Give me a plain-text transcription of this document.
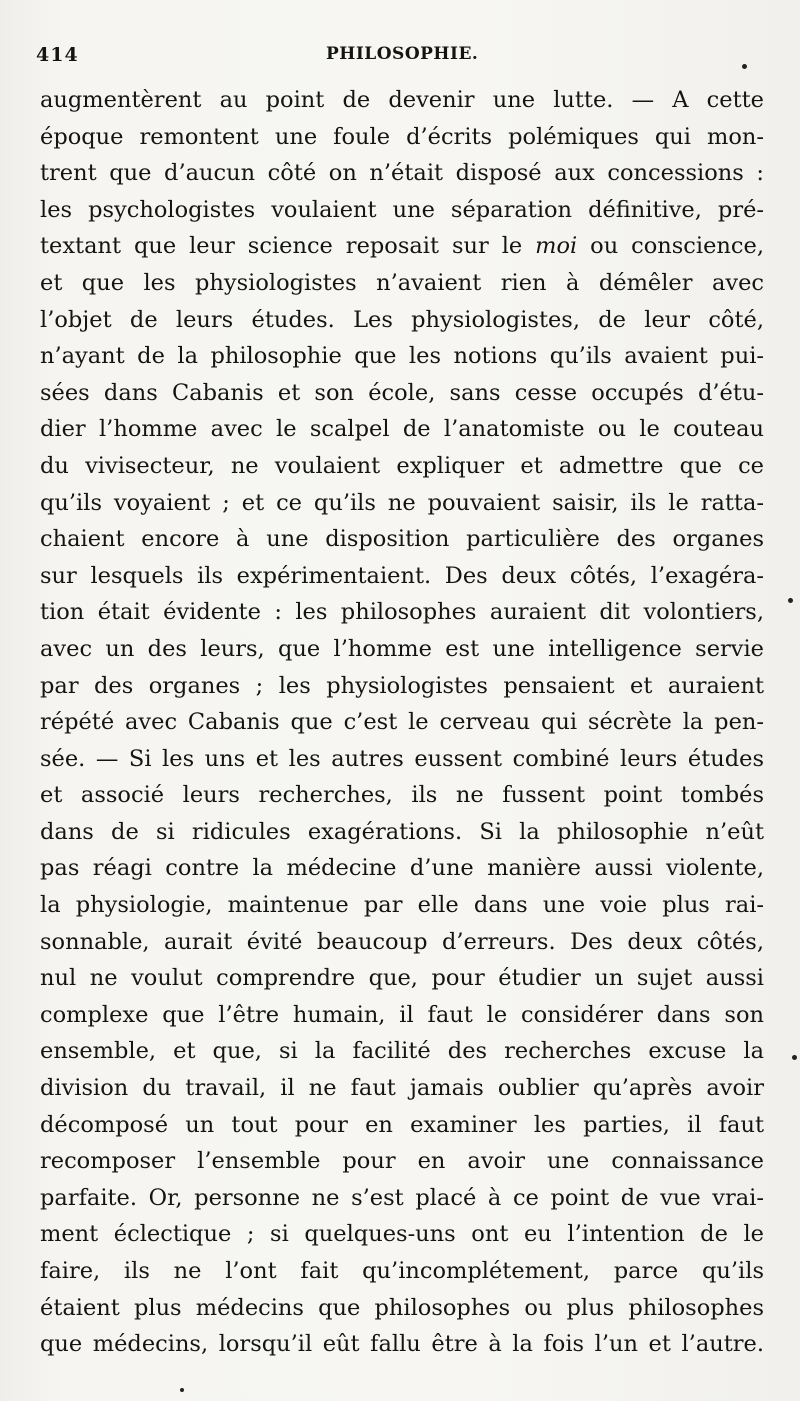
414	PHILOSOPHIE.
augmentèrent au point de devenir une lutte. — A cette
époque remontent une foule d’écrits polémiques qui mon-
trent que d’aucun côté on n’était disposé aux concessions :
les psychologistes voulaient une séparation définitive, pré-
textant que leur science reposait sur le moi ou conscience,
et que les physiologistes n’avaient rien à démêler avec
l’objet de leurs études. Les physiologistes, de leur côté,
n’ayant de la philosophie que les notions qu’ils avaient pui-
sées dans Cabanis et son école, sans cesse occupés d’étu-
dier l’homme avec le scalpel de l’anatomiste ou le couteau
du vivisecteur, ne voulaient expliquer et admettre que ce
qu’ils voyaient ; et ce qu’ils ne pouvaient saisir, ils le ratta-
chaient encore à une disposition particulière des organes
sur lesquels ils expérimentaient. Des deux côtés, l’exagéra-
tion était évidente : les philosophes auraient dit volontiers,
avec un des leurs, que l’homme est une intelligence servie
par des organes ; les physiologistes pensaient et auraient
répété avec Cabanis que c’est le cerveau qui sécrète la pen-
sée. — Si les uns et les autres eussent combiné leurs études
et associé leurs recherches, ils ne fussent point tombés
dans de si ridicules exagérations. Si la philosophie n’eût
pas réagi contre la médecine d’une manière aussi violente,
la physiologie, maintenue par elle dans une voie plus rai-
sonnable, aurait évité beaucoup d’erreurs. Des deux côtés,
nul ne voulut comprendre que, pour étudier un sujet aussi
complexe que l’être humain, il faut le considérer dans son
ensemble, et que, si la facilité des recherches excuse la
division du travail, il ne faut jamais oublier qu’après avoir
décomposé un tout pour en examiner les parties, il faut
recomposer l’ensemble pour en avoir une connaissance
parfaite. Or, personne ne s’est placé à ce point de vue vrai-
ment éclectique ; si quelques-uns ont eu l’intention de le
faire, ils ne l’ont fait qu’incomplétement, parce qu’ils
étaient plus médecins que philosophes ou plus philosophes
que médecins, lorsqu’il eût fallu être à la fois l’un et l’autre.
